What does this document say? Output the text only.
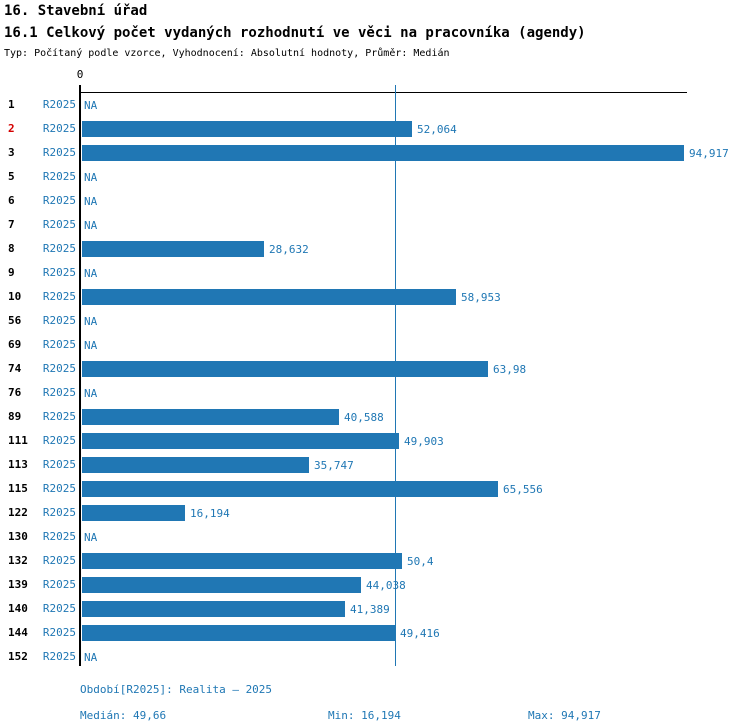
16. Stavební úřad
16.1 Celkový počet vydaných rozhodnutí ve věci na pracovníka (agendy)
Typ: Počítaný podle vzorce, Vyhodnocení: Absolutní hodnoty, Průměr: Medián
0
1	R2025 NA
2	R2025	52,064
3	R2025	94,917
5	R2025 NA
6	R2025 NA
7	R2025 NA
8	R2025	28,632
9	R2025 NA
10	R2025	58,953
56	R2025 NA
69	R2025 NA
74	R2025	63,98
76	R2025 NA
89	R2025	40,588
111	R2025	49,903
113	R2025	35,747
115	R2025	65,556
122	R2025	16,194
130	R2025 NA
132	R2025	50,4
139	R2025	44,038
140	R2025	41,389
144	R2025	49,416
152	R2025 NA
Období[R2025]: Realita – 2025
Medián: 49,66	Min: 16,194	Max: 94,917
